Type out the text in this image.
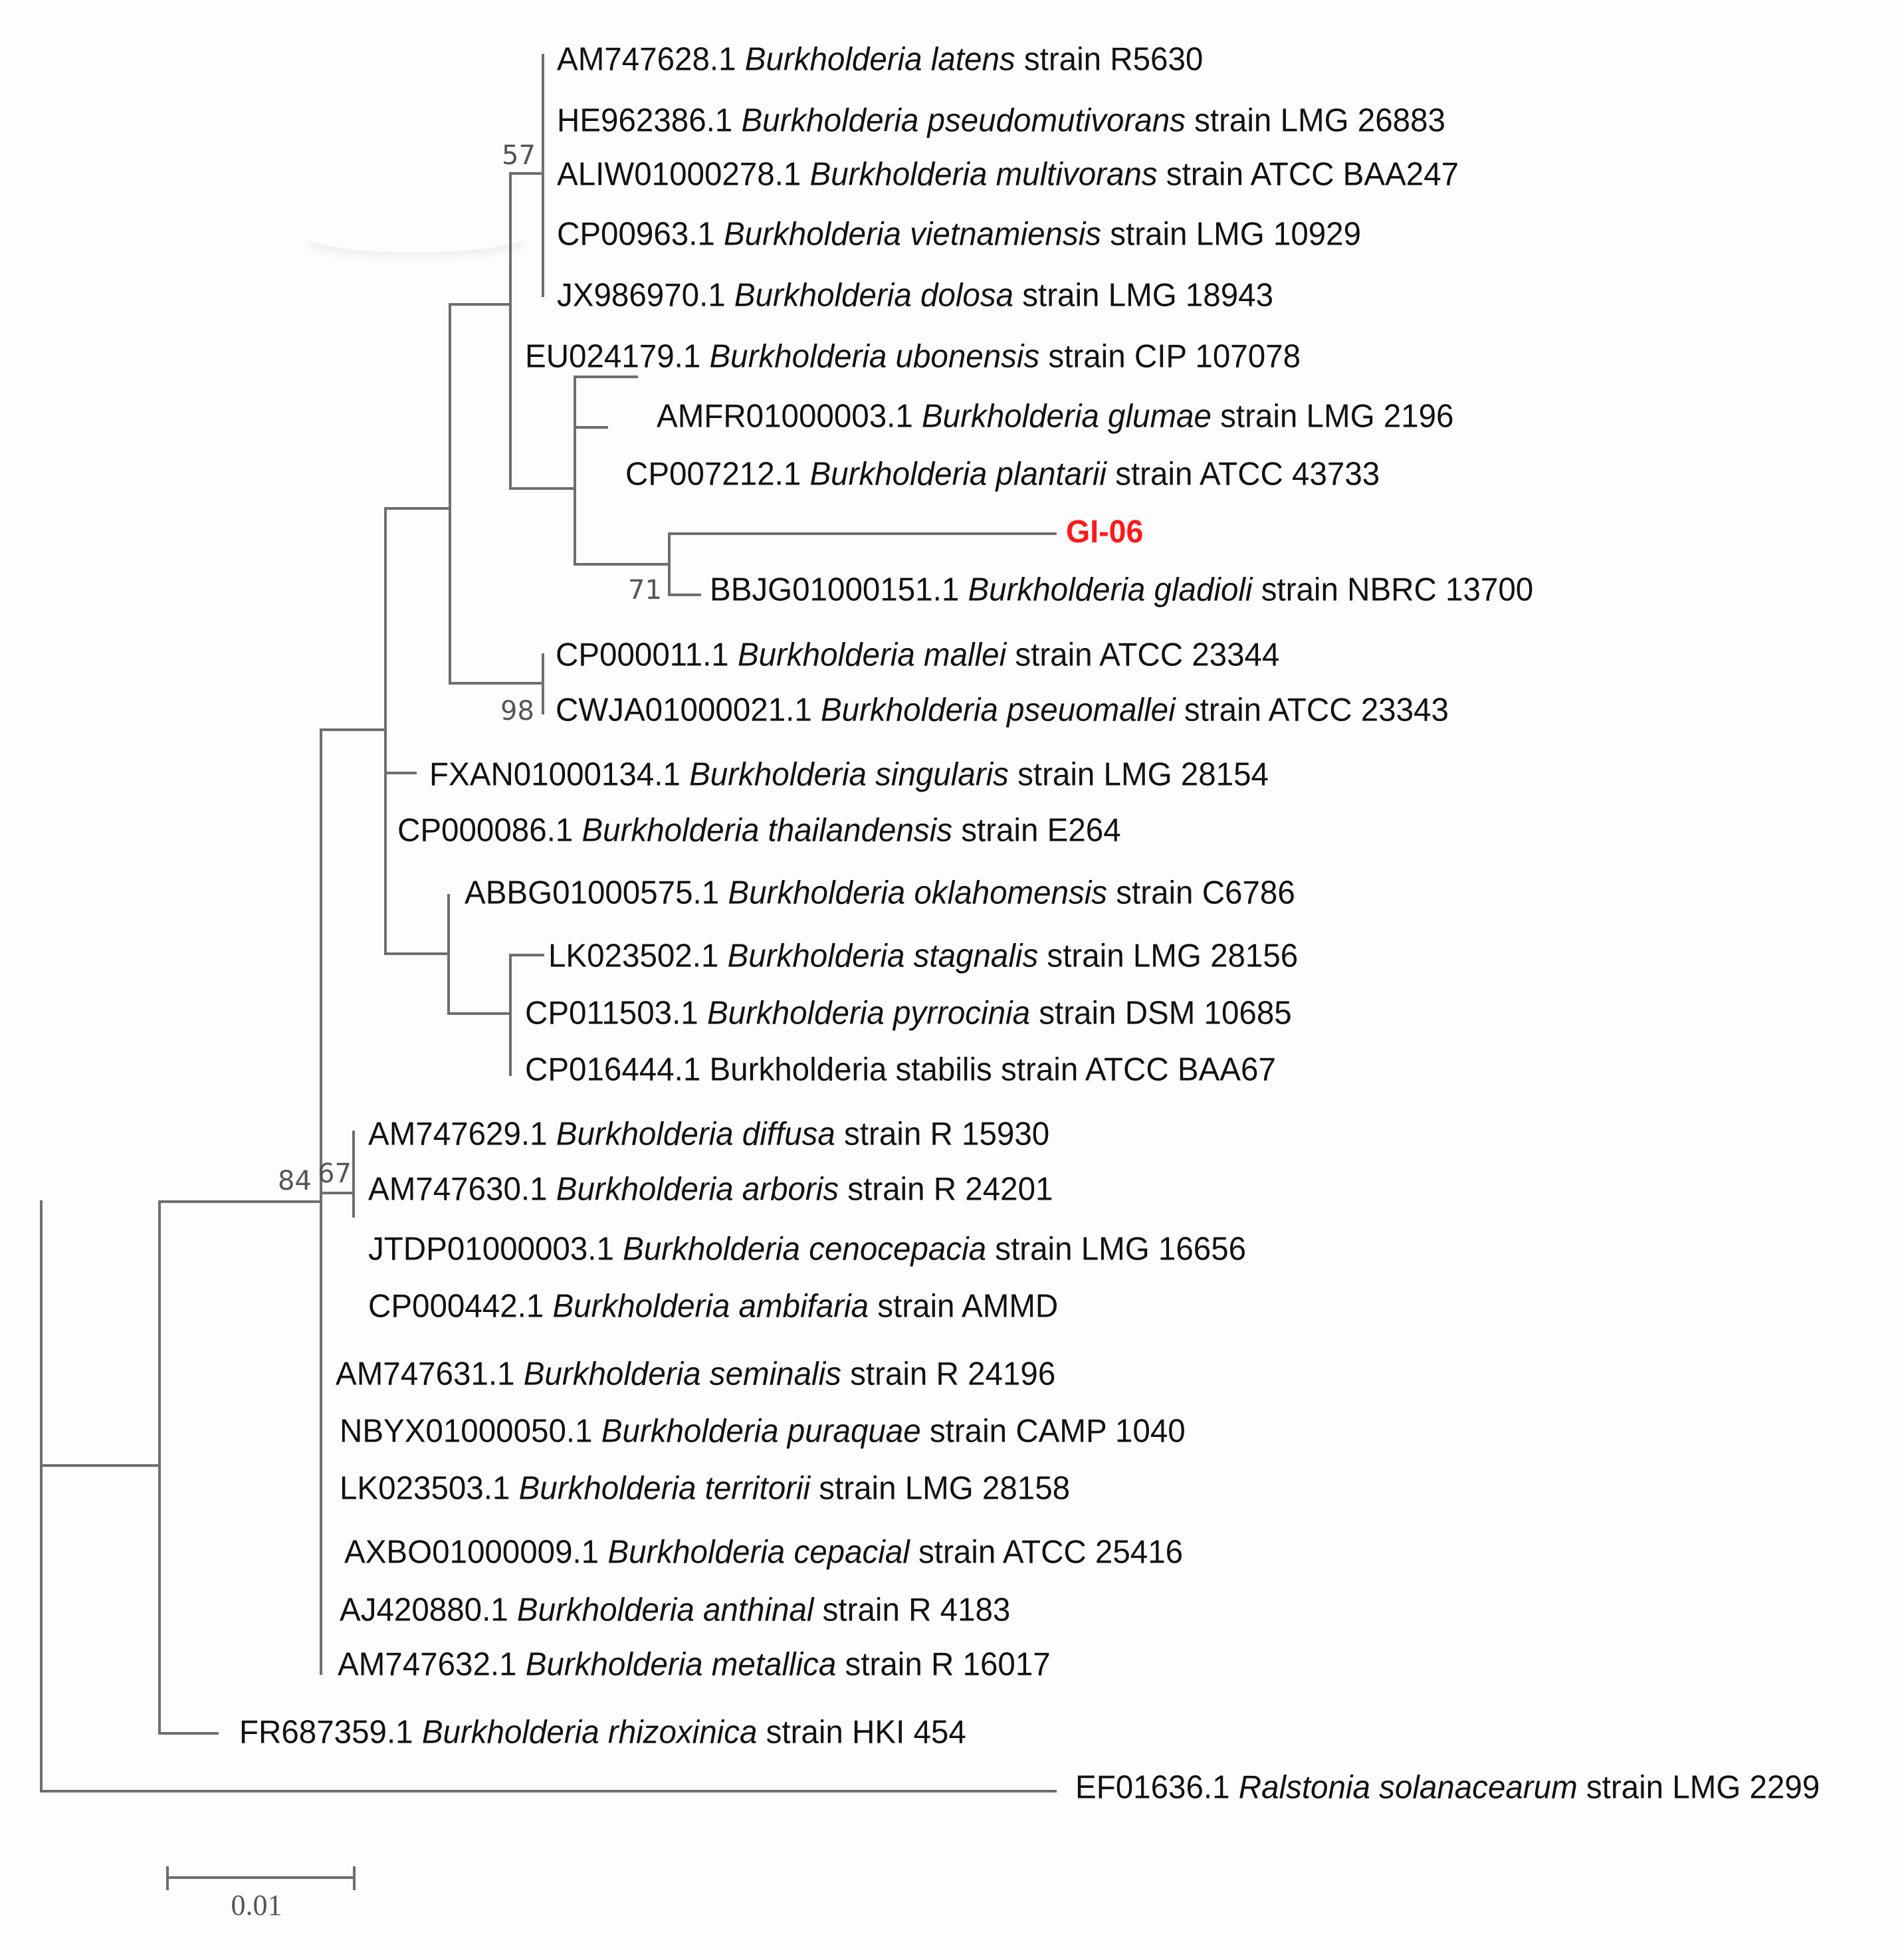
AM747628.1 Burkholderia latens strain R5630
HE962386.1 Burkholderia pseudomutivorans strain LMG 26883
ALIW01000278.1 Burkholderia multivorans strain ATCC BAA247
CP00963.1 Burkholderia vietnamiensis strain LMG 10929
JX986970.1 Burkholderia dolosa strain LMG 18943
EU024179.1 Burkholderia ubonensis strain CIP 107078
AMFR01000003.1 Burkholderia glumae strain LMG 2196
CP007212.1 Burkholderia plantarii strain ATCC 43733
GI-06
BBJG01000151.1 Burkholderia gladioli strain NBRC 13700
CP000011.1 Burkholderia mallei strain ATCC 23344
CWJA01000021.1 Burkholderia pseuomallei strain ATCC 23343
FXAN01000134.1 Burkholderia singularis strain LMG 28154
CP000086.1 Burkholderia thailandensis strain E264
ABBG01000575.1 Burkholderia oklahomensis strain C6786
LK023502.1 Burkholderia stagnalis strain LMG 28156
CP011503.1 Burkholderia pyrrocinia strain DSM 10685
CP016444.1 Burkholderia stabilis strain ATCC BAA67
AM747629.1 Burkholderia diffusa strain R 15930
AM747630.1 Burkholderia arboris strain R 24201
JTDP01000003.1 Burkholderia cenocepacia strain LMG 16656
CP000442.1 Burkholderia ambifaria strain AMMD
AM747631.1 Burkholderia seminalis strain R 24196
NBYX01000050.1 Burkholderia puraquae strain CAMP 1040
LK023503.1 Burkholderia territorii strain LMG 28158
AXBO01000009.1 Burkholderia cepacial strain ATCC 25416
AJ420880.1 Burkholderia anthinal strain R 4183
AM747632.1 Burkholderia metallica strain R 16017
FR687359.1 Burkholderia rhizoxinica strain HKI 454
EF01636.1 Ralstonia solanacearum strain LMG 2299
57
71
98
84 67
0.01
